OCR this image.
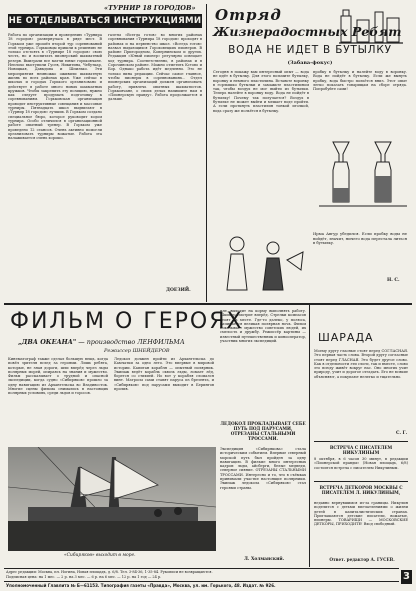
«ТУРНИР 18 ГОРОДОВ»
НЕ ОТДЕЛЫВАТЬСЯ ИНСТРУКЦИЯМИ
Работа по организации и проведению «Турнира 18 городов» развернулась в ряде мест. В Горьком уже прошёл второй тур соревнований этой турнира. Горьковцы пришли к решению не только отстоять в «Турнире 18 городов» свою честь, но и воспитать пионерский шахматный резерв. Выиграли все матчи юные горьковчане. Неплохо выступили Гусев, Никитина, Чебуткар, Новицкая, Давыдова и Шпилько. Эти мероприятия немножко оживили шахматную жизнь во всех районах края. Уже сейчас в школах и городах Горького организовано и действует в работе много новых шахматных кружков. Чтобы закрепить эту позицию, нужно как следует продумать подготовку к соревнованиям. Горьковская организация проводит инструктивные совещания и массовые турниры. Пятнадцать школ выдвигают в «Турнир 18 городов» лучших. В Горьком создано специальное бюро, которое руководит ходом турнира. Особо отличился в организационной работе опытный тренер. В Горьком уже проведено 12 сеансов. Очень активно помогли организовать турниры вожатые. Работа эта налаживается очень хорошо.
газеты «Всегда готов» во многих районах соревнования «Турнира 18 городов» проходят в районах и на первенство школ. «Всегда готов» назвал выдающихся Гороховецких пионеров. В районе Пригородном, Ковернинском и других. Редакция «Юный пионер» регулярно освещает ход турнира. Соответственно, в районах и в Сорочинском районе. Можно отметить Кстово и Бор. Однако работа идёт медленно. Это не только вина редакции. Сейчас самое главное, чтобы пионеры в соревнованиях... Отдел пионерских организаций должен организовать работу, привлечь опытных шахматистов. Горьковчане, о своих делах напишите нам в «Пионерскую правду». Работа продолжается и дальше.
ДОЕЗИЙ.
Отряд
Жизнерадостных Ребят
ВОДА НЕ ИДЕТ В БУТЫЛКУ
(Забава-фокус)
Сегодня я покажу вам интересный опыт — вода не идёт в бутылку. Для этого возьмите бутылку, воронку и немного пластилина. Вставьте воронку в горлышко бутылки и замажьте пластилином так, чтобы воздух не мог выйти из бутылки. Теперь налейте в воронку воду. Вода не пойдёт в бутылку! Почему так получается? Воздух в бутылке не может выйти и мешает воде пройти. А если проткнуть пластилин тонкой иголкой, вода сразу же польётся в бутылку.
пробку в бутылку и налейте воду в воронку. Вода не пойдёт в бутылку. Если же вынуть пробку, вода быстро польётся вниз. Этот опыт легко показать товарищам на сборе отряда. Попробуйте сами!
Ирма Авгур убедился. Если пробку воды не войдёт, значит, ничего вода перестала литься в бутылку.
Н. С.
ФИЛЬМ О ГЕРОЯХ
„ДВА ОКЕАНА" — производство ЛЕНФИЛЬМА
Режиссер ШНЕЙДЕРОВ
Кинематограф также сделал большую вещь, когда повёл зрителя вслед за героями. Лишь ребята, которые, не зная дороги, шли вперёд через льды полярных морей, опираясь на знания и мужество. Фильм рассказывает о трудной и опасной экспедиции, когда судно «Сибиряков» прошло за одну навигацию из Архангельска во Владивосток. Многие сцены фильма снимались в настоящих полярных условиях, среди льдов и торосов.
Ледокол должен пройти из Архангельска до Камчатки за одно лето. Это впервые в мировой истории. Капитан корабля — опытный полярник. Экипаж ведёт корабль сквозь льды, ломает лёд, борется со стихией. Но вот у корабля сломался винт. Матросы сами ставят паруса из брезента, и «Сибиряков» под парусами выходит в Берингов пролив.
иле, выходит на корму выполнять работу. Шкипер смотрит вперёд. Стрелки компасов стоят на месте. Где-то далеко, у полюса, начинается великая полярная ночь. Фильм показывает мужество советских людей, их смелость и дружбу. Режиссёр картины — известный путешественник и кинооператор, участник многих экспедиций.
ЛЕДОКОЛ ПРОКЛАДЫВАЕТ СЕБЕ ПУТЬ ПОД ПАРУСАМИ, ОТРЕЗАНЫ СТАЛЬНЫМИ ТРОССАМИ.
Экспедиция «Сибирякова» стала историческим событием. Впервые северный морской путь был пройден за одну навигацию. В фильме много интересных кадров: льды, айсберги, белые медведи, северное сияние. ОТРЕЗАНЫ СТАЛЬНЫМИ ТРОССАМИ. Интересно и то, что в съёмках принимали участие настоящие полярники. Экипаж ледокола «Сибиряков» стал героями страны.
«Сибиряков» выходит в море.
Л. Холманский.
ШАРАДА
Моему другу гласные стоят перед СОГЛАСНАЯ. Это первая часть слова. Второй другу согласные стоят перед ГЛАСНАЯ. Это будет другое слово. Как в отдельности эти слоги, так и вместе, слово это всюду живёт вокруг нас. Оно многих учит природу, учит и дорогое отгадать. Его не всякие объясняют, а покупают нелегко и тщательно.
С. Г.
ВСТРЕЧА С ПИСАТЕЛЕМ НИКУЛИНЫМ
8 октября, в 6 часов 30 минут, в редакции «Пионерской правды» (Новая площадь, 6/8) состоится встреча с писателем Никулиным.
ВСТРЕЧА ДЕТКОРОВ МОСКВЫ С ПИСАТЕЛЕМ Л. НИКУЛИНЫМ,
недавно вернувшимся из-за границы. Никулин поделится с детьми впечатлениями о жизни детей в капиталистических странах. Приглашаются детские писатели, вожатые, пионеры. ТОВАРИЩИ — МОСКОВСКИЕ ДЕТКОРЫ, ПРИХОДИТЕ! Вход свободный.
Ответ. редактор А. ГУСЕВ.
Адрес редакции: Москва, пл. Ногина, Новая площадь, д. 6/8. Тел. 3-84-36, 1-35-84. Рукописи не возвращаются.
Подписная цена: на 1 мес. — 2 р. на 3 мес. — 6 р. на 6 мес. — 12 р. на 1 год — 24 р.
Уполномоченный Главлита № Б—61153. Типография газеты «Правда», Москва, ул. им. Горького, 48. Издат. № 926.
3
